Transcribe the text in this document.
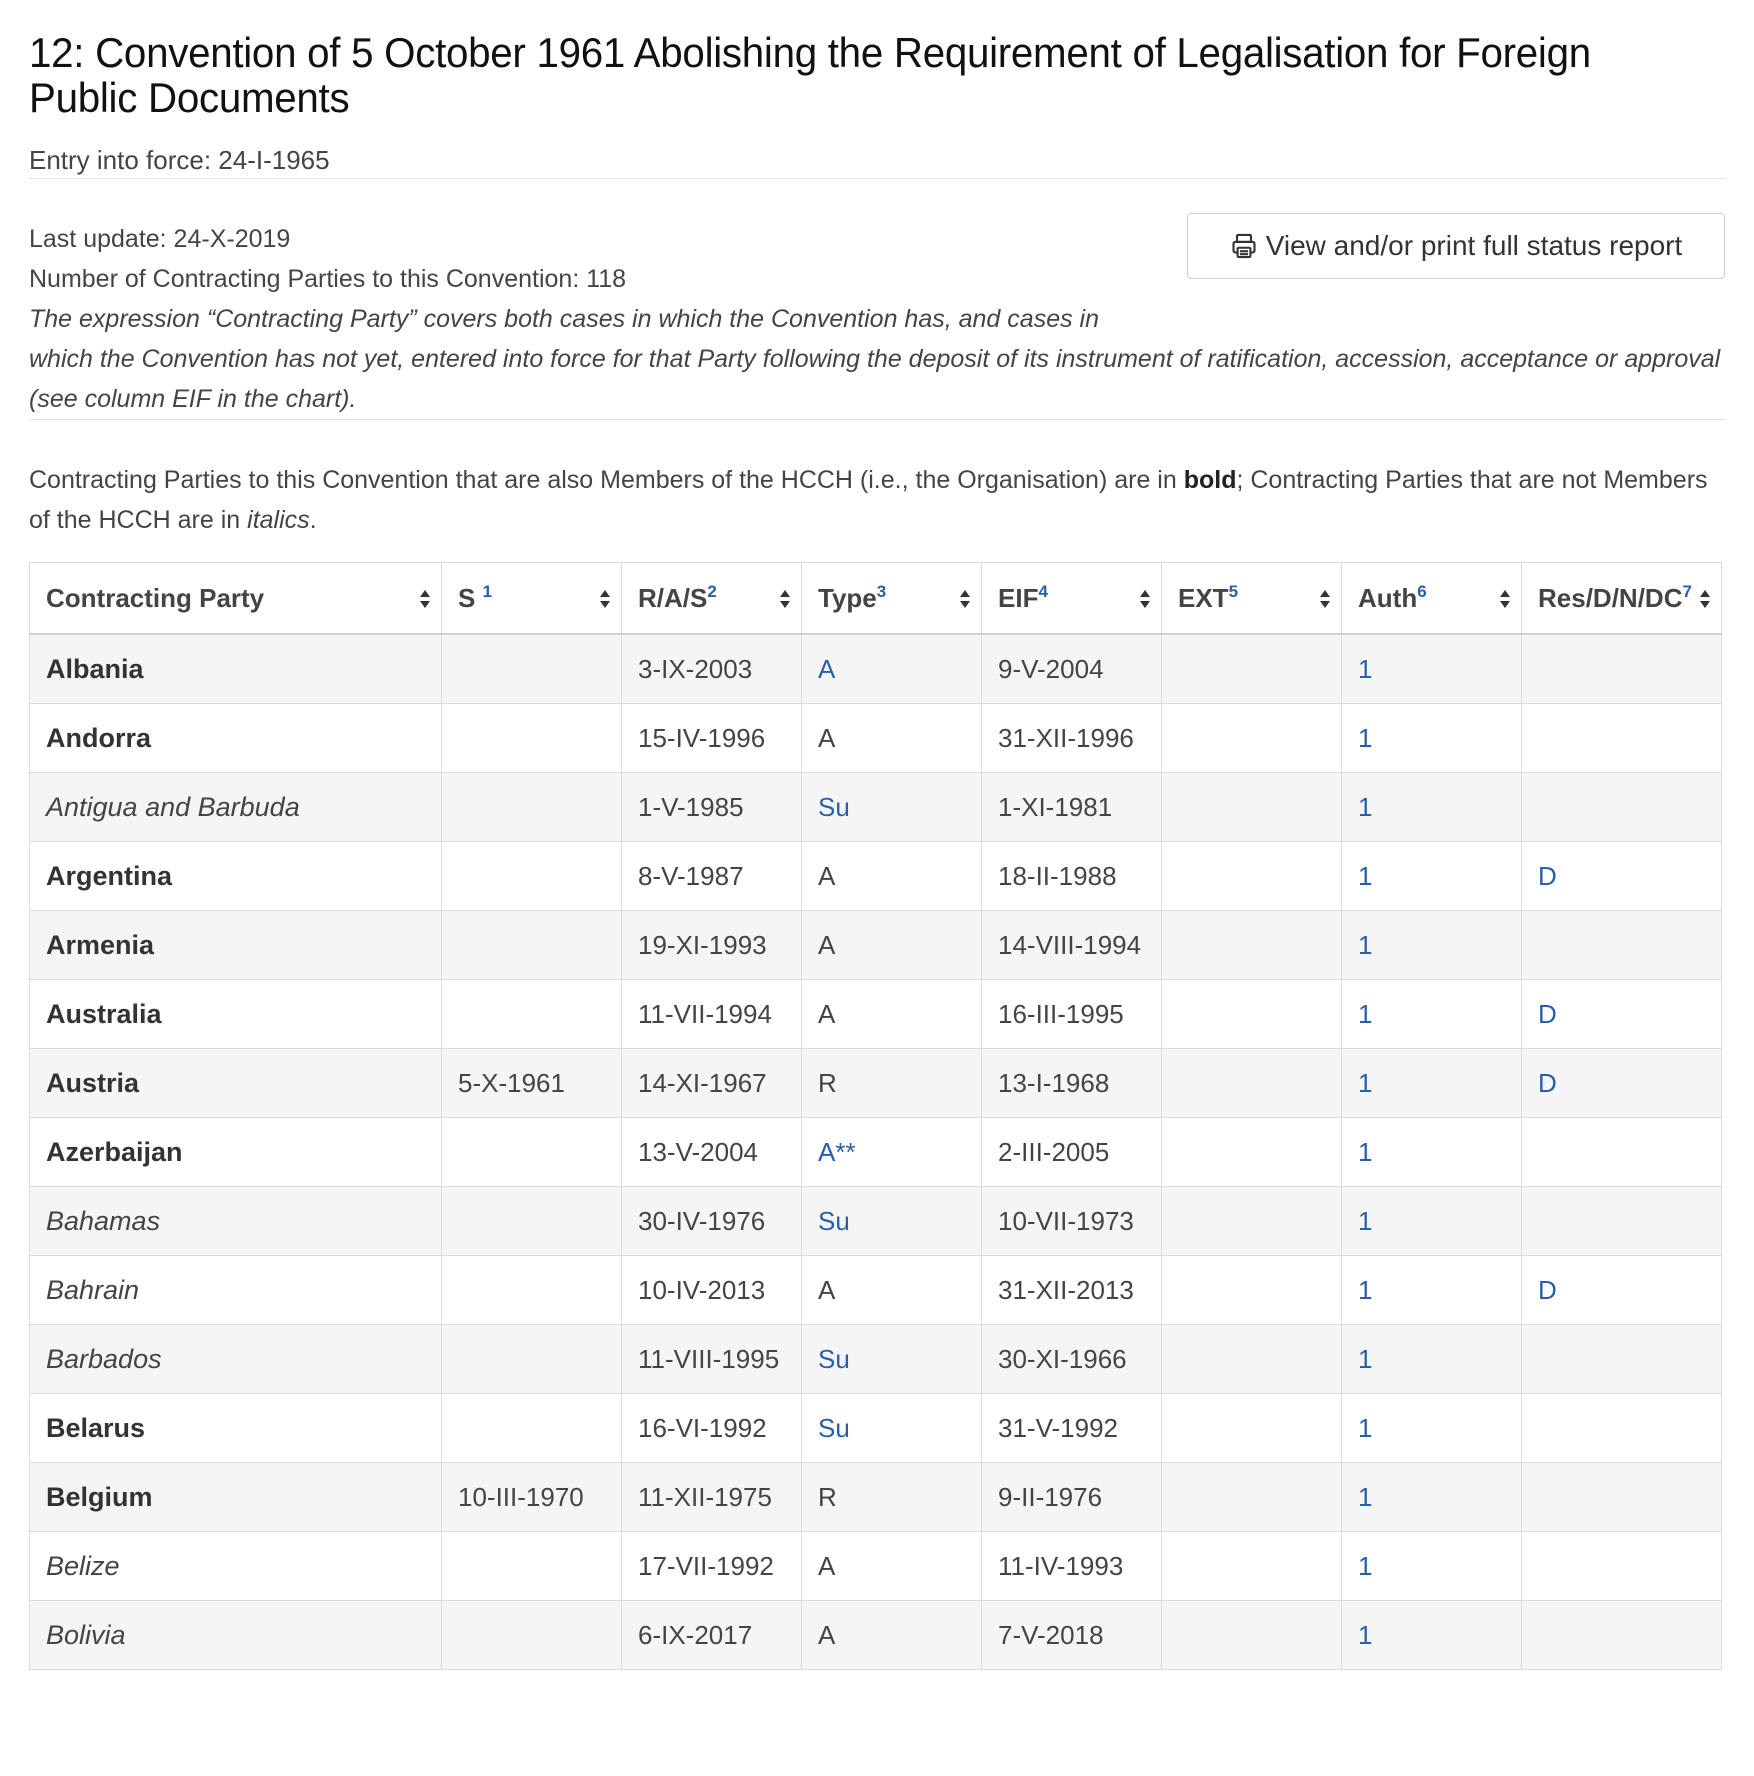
12: Convention of 5 October 1961 Abolishing the Requirement of Legalisation for Foreign Public Documents
Entry into force: 24-I-1965
Last update: 24-X-2019
Number of Contracting Parties to this Convention: 118
The expression “Contracting Party” covers both cases in which the Convention has, and cases in
which the Convention has not yet, entered into force for that Party following the deposit of its instrument of ratification, accession, acceptance or approval (see column EIF in the chart).
View and/or print full status report
Contracting Parties to this Convention that are also Members of the HCCH (i.e., the Organisation) are in bold; Contracting Parties that are not Members of the HCCH are in italics.
Contracting Party	S $^1$	$R/A/S^2$	Type$^3$	EIF$^4$	EXT$^5$	Auth$^6$	Res/$D/N/DC^7$

Albania		3-IX-2003	A	9-V-2004		1	
Andorra		15-IV-1996	A	31-XII-1996		1	
Antigua and Barbuda		1-V-1985	Su	1-XI-1981		1	
Argentina		8-V-1987	A	18-II-1988		1	D
Armenia		19-XI-1993	A	14-VIII-1994		1	
Australia		11-VII-1994	A	16-III-1995		1	D
Austria	5-X-1961	14-XI-1967	R	13-I-1968		1	D
Azerbaijan		13-V-2004	A**	2-III-2005		1	
Bahamas		30-IV-1976	Su	10-VII-1973		1	
Bahrain		10-IV-2013	A	31-XII-2013		1	D
Barbados		11-VIII-1995	Su	30-XI-1966		1	
Belarus		16-VI-1992	Su	31-V-1992		1	
Belgium	10-III-1970	11-XII-1975	R	9-II-1976		1	
Belize		17-VII-1992	A	11-IV-1993		1	
Bolivia		6-IX-2017	A	7-V-2018		1	
